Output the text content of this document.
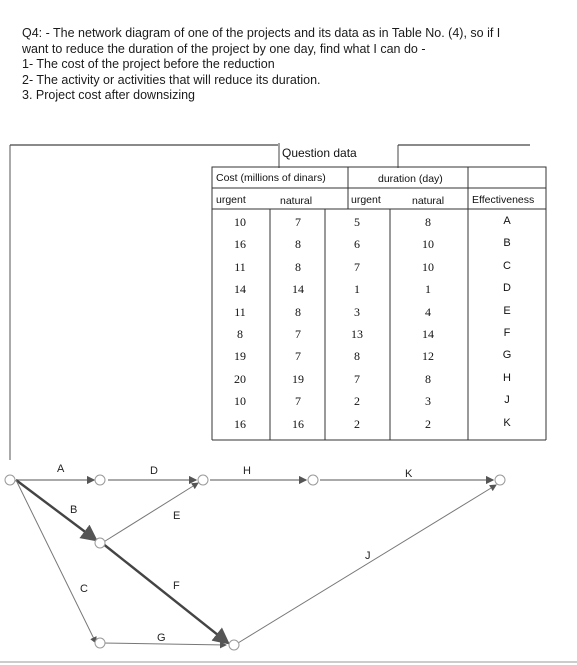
Q4: - The network diagram of one of the projects and its data as in Table No. (4), so if I

want to reduce the duration of the project by one day, find what I can do -

1- The cost of the project before the reduction

2- The activity or activities that will reduce its duration.

3. Project cost after downsizing

Question data
Cost (millions of dinars)	duration (day)
urgent	natural	urgent	natural	Effectiveness
10	7	5	8	A
16	8	6	10	B
11	8	7	10	C
14	14	1	1	D
11	8	3	4	E
8	7	13	14	F
19	7	8	12	G
20	19	7	8	H
10	7	2	3	J
16	16	2	2	K
A
B
C
D
E
F
G
H
J
K
